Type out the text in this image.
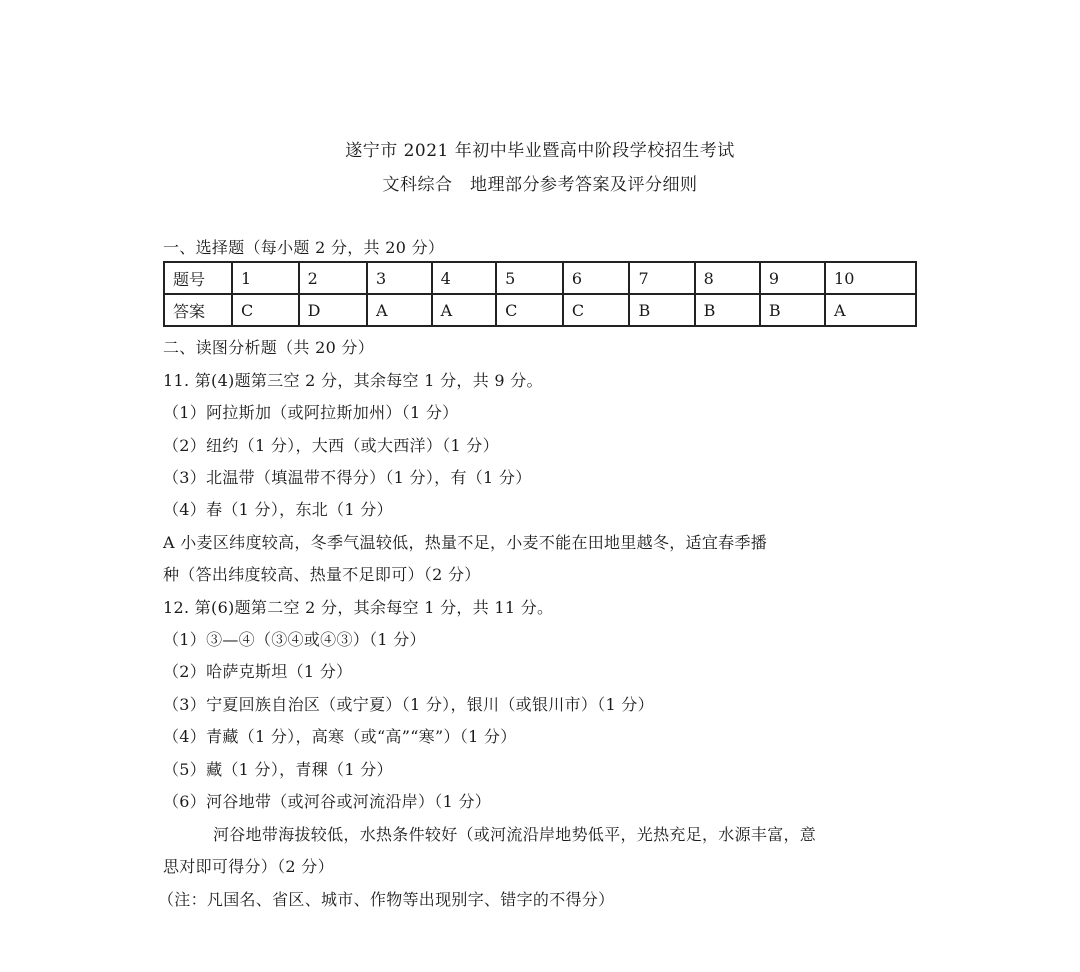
遂宁市 2021 年初中毕业暨高中阶段学校招生考试
文科综合　地理部分参考答案及评分细则
一、选择题（每小题 2 分，共 20 分）
题号	1	2	3	4	5	6	7	8	9	10
答案	C	D	A	A	C	C	B	B	B	A
二、读图分析题（共 20 分）
11. 第(4)题第三空 2 分，其余每空 1 分，共 9 分。
（1）阿拉斯加（或阿拉斯加州）（1 分）
（2）纽约（1 分），大西（或大西洋）（1 分）
（3）北温带（填温带不得分）（1 分），有（1 分）
（4）春（1 分），东北（1 分）
A 小麦区纬度较高，冬季气温较低，热量不足，小麦不能在田地里越冬，适宜春季播
种（答出纬度较高、热量不足即可）（2 分）
12. 第(6)题第二空 2 分，其余每空 1 分，共 11 分。
（1）③—④（③④或④③）（1 分）
（2）哈萨克斯坦（1 分）
（3）宁夏回族自治区（或宁夏）（1 分），银川（或银川市）（1 分）
（4）青藏（1 分），高寒（或“高”“寒”）（1 分）
（5）藏（1 分），青稞（1 分）
（6）河谷地带（或河谷或河流沿岸）（1 分）
河谷地带海拔较低，水热条件较好（或河流沿岸地势低平，光热充足，水源丰富，意
思对即可得分）（2 分）
（注：凡国名、省区、城市、作物等出现别字、错字的不得分）
